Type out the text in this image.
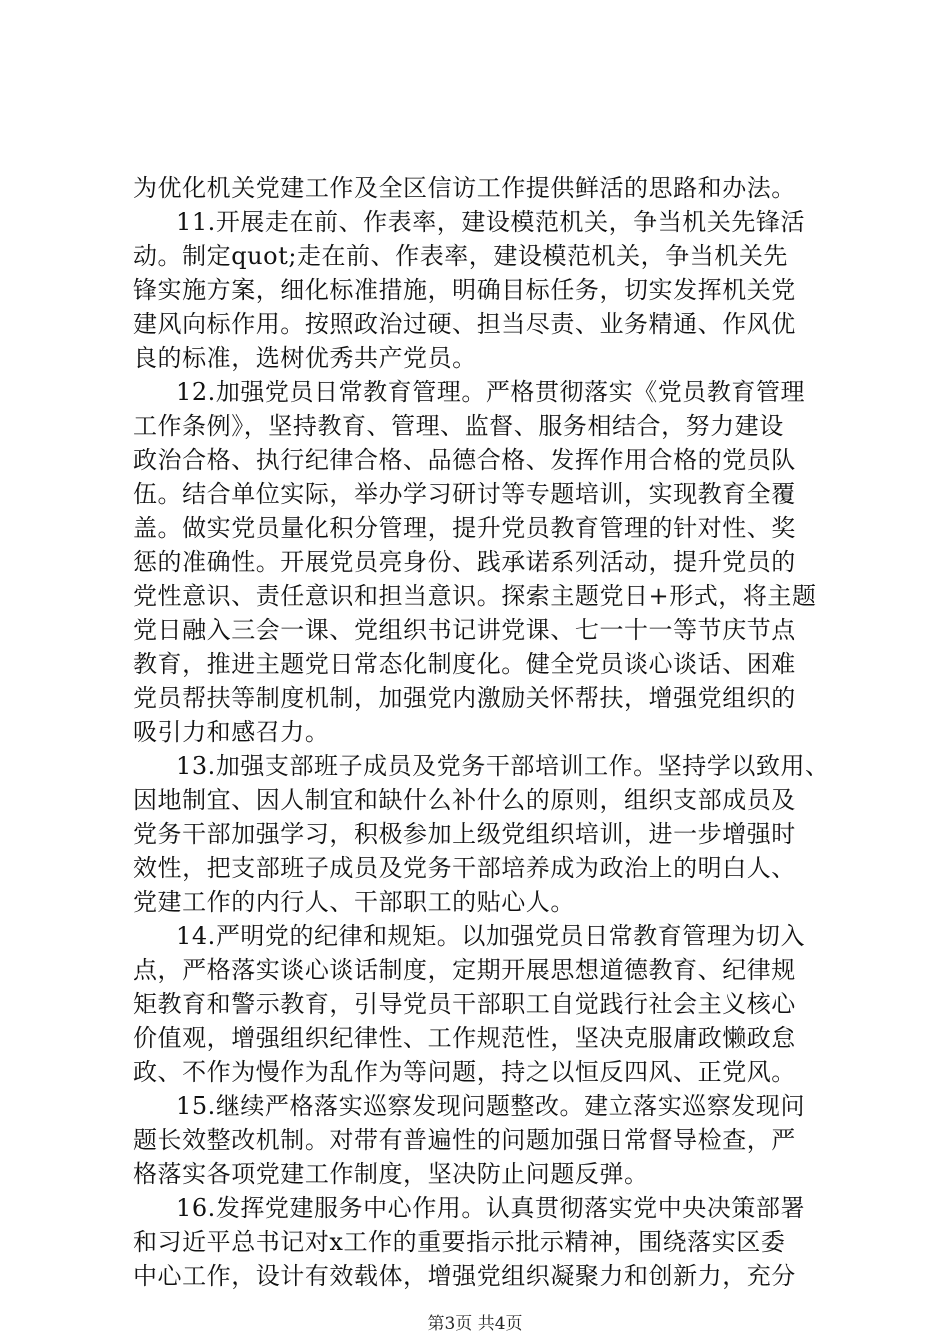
为优化机关党建工作及全区信访工作提供鲜活的思路和办法。
11.开展走在前、作表率，建设模范机关，争当机关先锋活
动。制定quot;走在前、作表率，建设模范机关，争当机关先
锋实施方案，细化标准措施，明确目标任务，切实发挥机关党
建风向标作用。按照政治过硬、担当尽责、业务精通、作风优
良的标准，选树优秀共产党员。
12.加强党员日常教育管理。严格贯彻落实《党员教育管理
工作条例》，坚持教育、管理、监督、服务相结合，努力建设
政治合格、执行纪律合格、品德合格、发挥作用合格的党员队
伍。结合单位实际，举办学习研讨等专题培训，实现教育全覆
盖。做实党员量化积分管理，提升党员教育管理的针对性、奖
惩的准确性。开展党员亮身份、践承诺系列活动，提升党员的
党性意识、责任意识和担当意识。探索主题党日+形式，将主题
党日融入三会一课、党组织书记讲党课、七一十一等节庆节点
教育，推进主题党日常态化制度化。健全党员谈心谈话、困难
党员帮扶等制度机制，加强党内激励关怀帮扶，增强党组织的
吸引力和感召力。
13.加强支部班子成员及党务干部培训工作。坚持学以致用、
因地制宜、因人制宜和缺什么补什么的原则，组织支部成员及
党务干部加强学习，积极参加上级党组织培训，进一步增强时
效性，把支部班子成员及党务干部培养成为政治上的明白人、
党建工作的内行人、干部职工的贴心人。
14.严明党的纪律和规矩。以加强党员日常教育管理为切入
点，严格落实谈心谈话制度，定期开展思想道德教育、纪律规
矩教育和警示教育，引导党员干部职工自觉践行社会主义核心
价值观，增强组织纪律性、工作规范性，坚决克服庸政懒政怠
政、不作为慢作为乱作为等问题，持之以恒反四风、正党风。
15.继续严格落实巡察发现问题整改。建立落实巡察发现问
题长效整改机制。对带有普遍性的问题加强日常督导检查，严
格落实各项党建工作制度，坚决防止问题反弹。
16.发挥党建服务中心作用。认真贯彻落实党中央决策部署
和习近平总书记对x工作的重要指示批示精神，围绕落实区委
中心工作，设计有效载体，增强党组织凝聚力和创新力，充分
第3页 共4页
